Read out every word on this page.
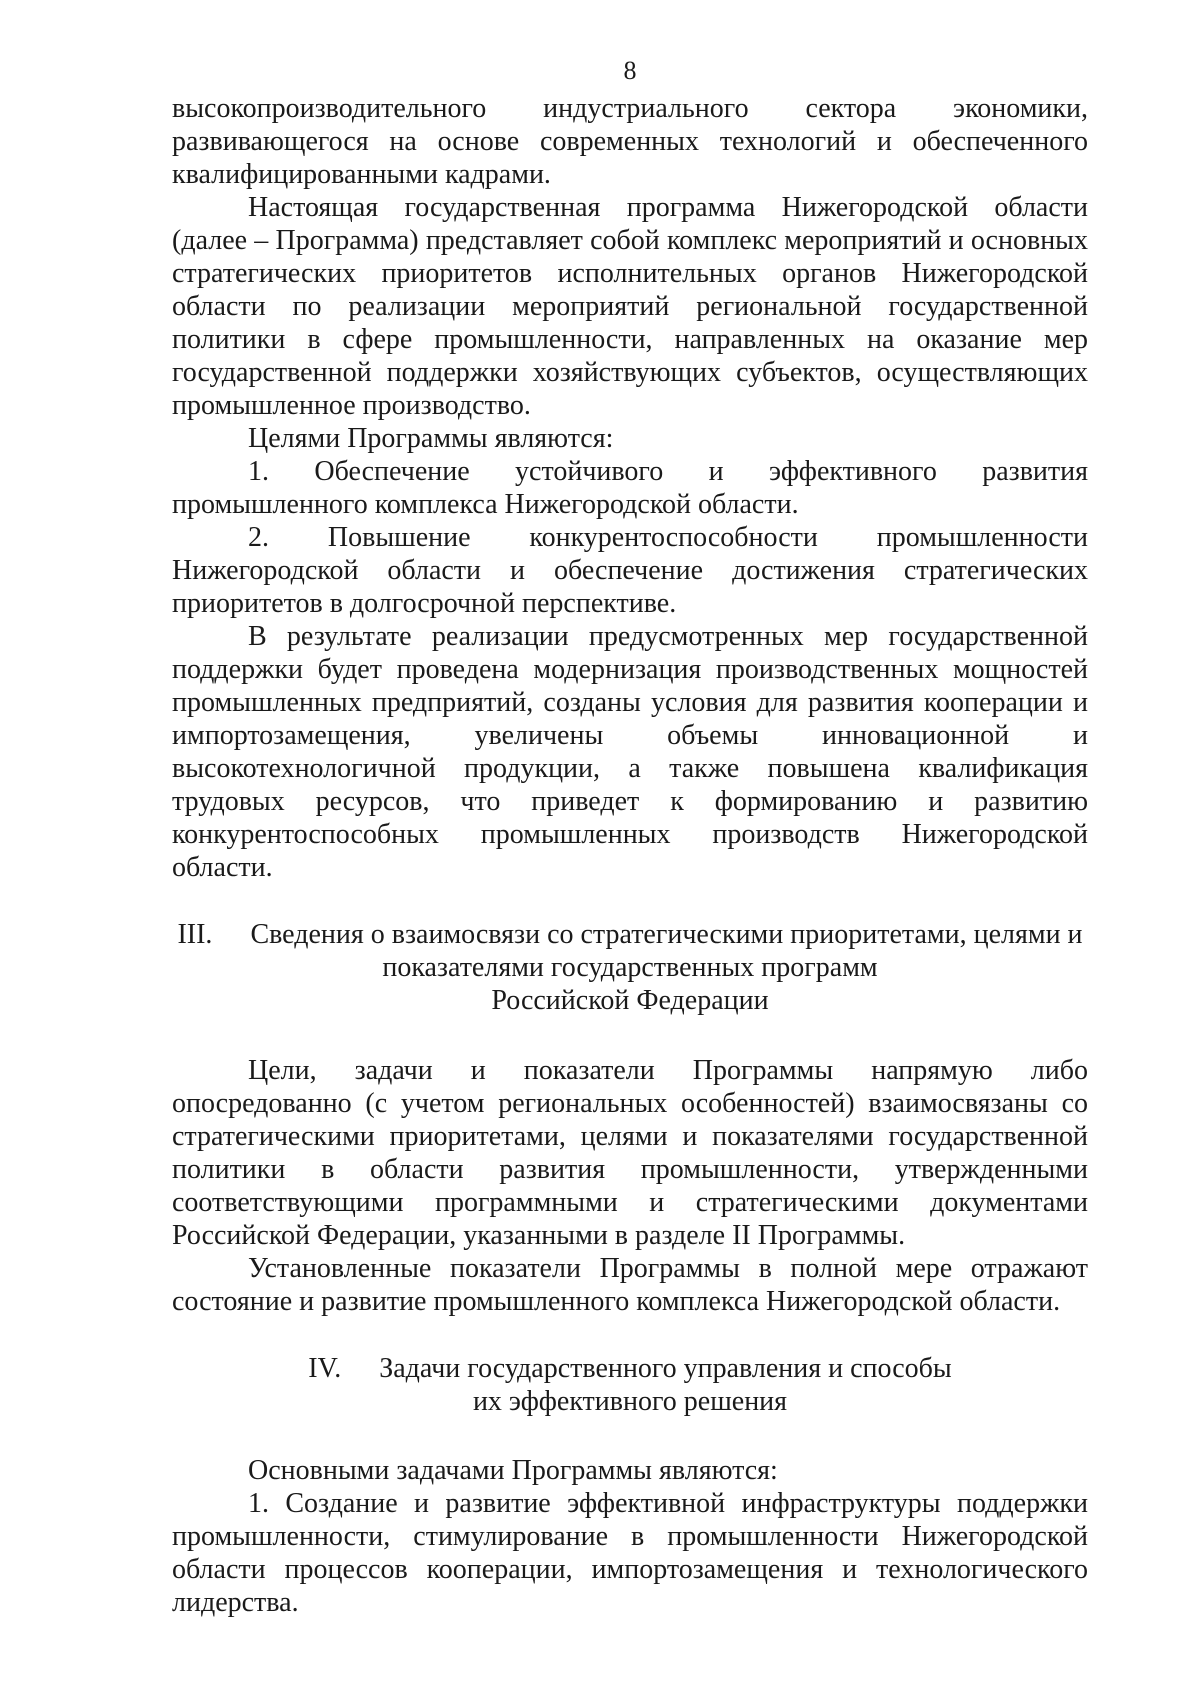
8

высокопроизводительного индустриального сектора экономики, развивающегося на основе современных технологий и обеспеченного квалифицированными кадрами.

Настоящая государственная программа Нижегородской области (далее – Программа) представляет собой комплекс мероприятий и основных стратегических приоритетов исполнительных органов Нижегородской области по реализации мероприятий региональной государственной политики в сфере промышленности, направленных на оказание мер государственной поддержки хозяйствующих субъектов, осуществляющих промышленное производство.

Целями Программы являются:

1. Обеспечение устойчивого и эффективного развития промышленного комплекса Нижегородской области.

2. Повышение конкурентоспособности промышленности Нижегородской области и обеспечение достижения стратегических приоритетов в долгосрочной перспективе.

В результате реализации предусмотренных мер государственной поддержки будет проведена модернизация производственных мощностей промышленных предприятий, созданы условия для развития кооперации и импортозамещения, увеличены объемы инновационной и высокотехнологичной продукции, а также повышена квалификация трудовых ресурсов, что приведет к формированию и развитию конкурентоспособных промышленных производств Нижегородской области.

III. Сведения о взаимосвязи со стратегическими приоритетами, целями и

показателями государственных программ

Российской Федерации

Цели, задачи и показатели Программы напрямую либо опосредованно (с учетом региональных особенностей) взаимосвязаны со стратегическими приоритетами, целями и показателями государственной политики в области развития промышленности, утвержденными соответствующими программными и стратегическими документами Российской Федерации, указанными в разделе II Программы.

Установленные показатели Программы в полной мере отражают состояние и развитие промышленного комплекса Нижегородской области.

IV. Задачи государственного управления и способы

их эффективного решения

Основными задачами Программы являются:

1. Создание и развитие эффективной инфраструктуры поддержки промышленности, стимулирование в промышленности Нижегородской области процессов кооперации, импортозамещения и технологического лидерства.
